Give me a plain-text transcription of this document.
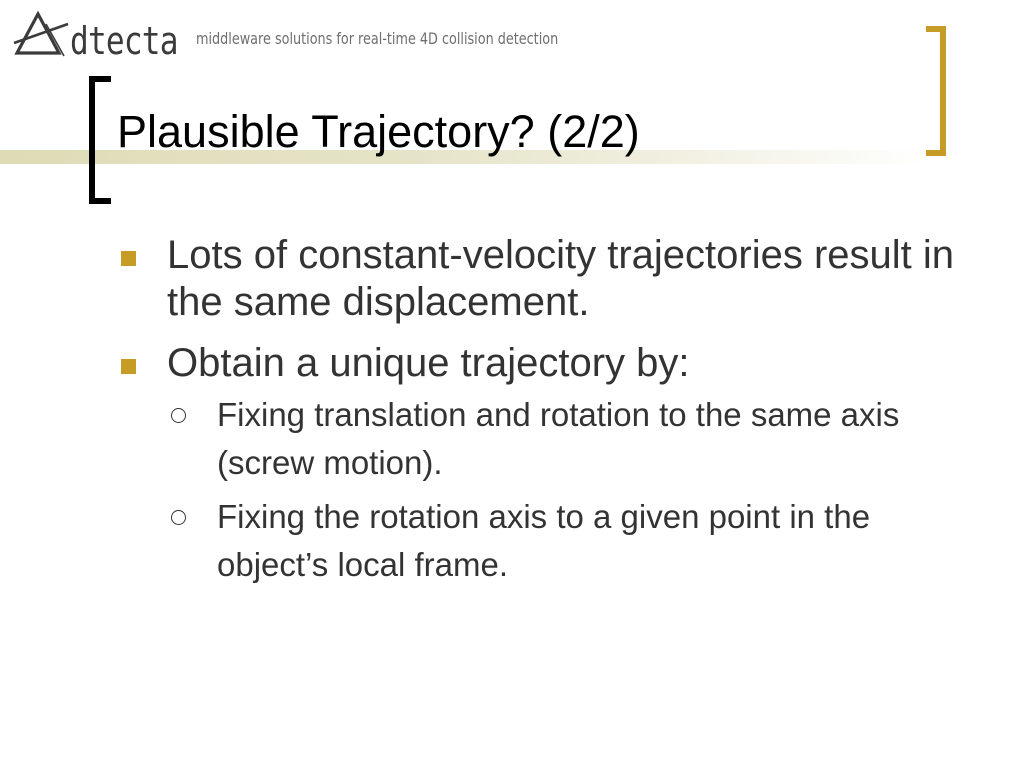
dtecta middleware solutions for real-time 4D collision detection
Plausible Trajectory? (2/2)
Lots of constant-velocity trajectories result in the same displacement.
Obtain a unique trajectory by:
Fixing translation and rotation to the same axis (screw motion).
Fixing the rotation axis to a given point in the object’s local frame.
